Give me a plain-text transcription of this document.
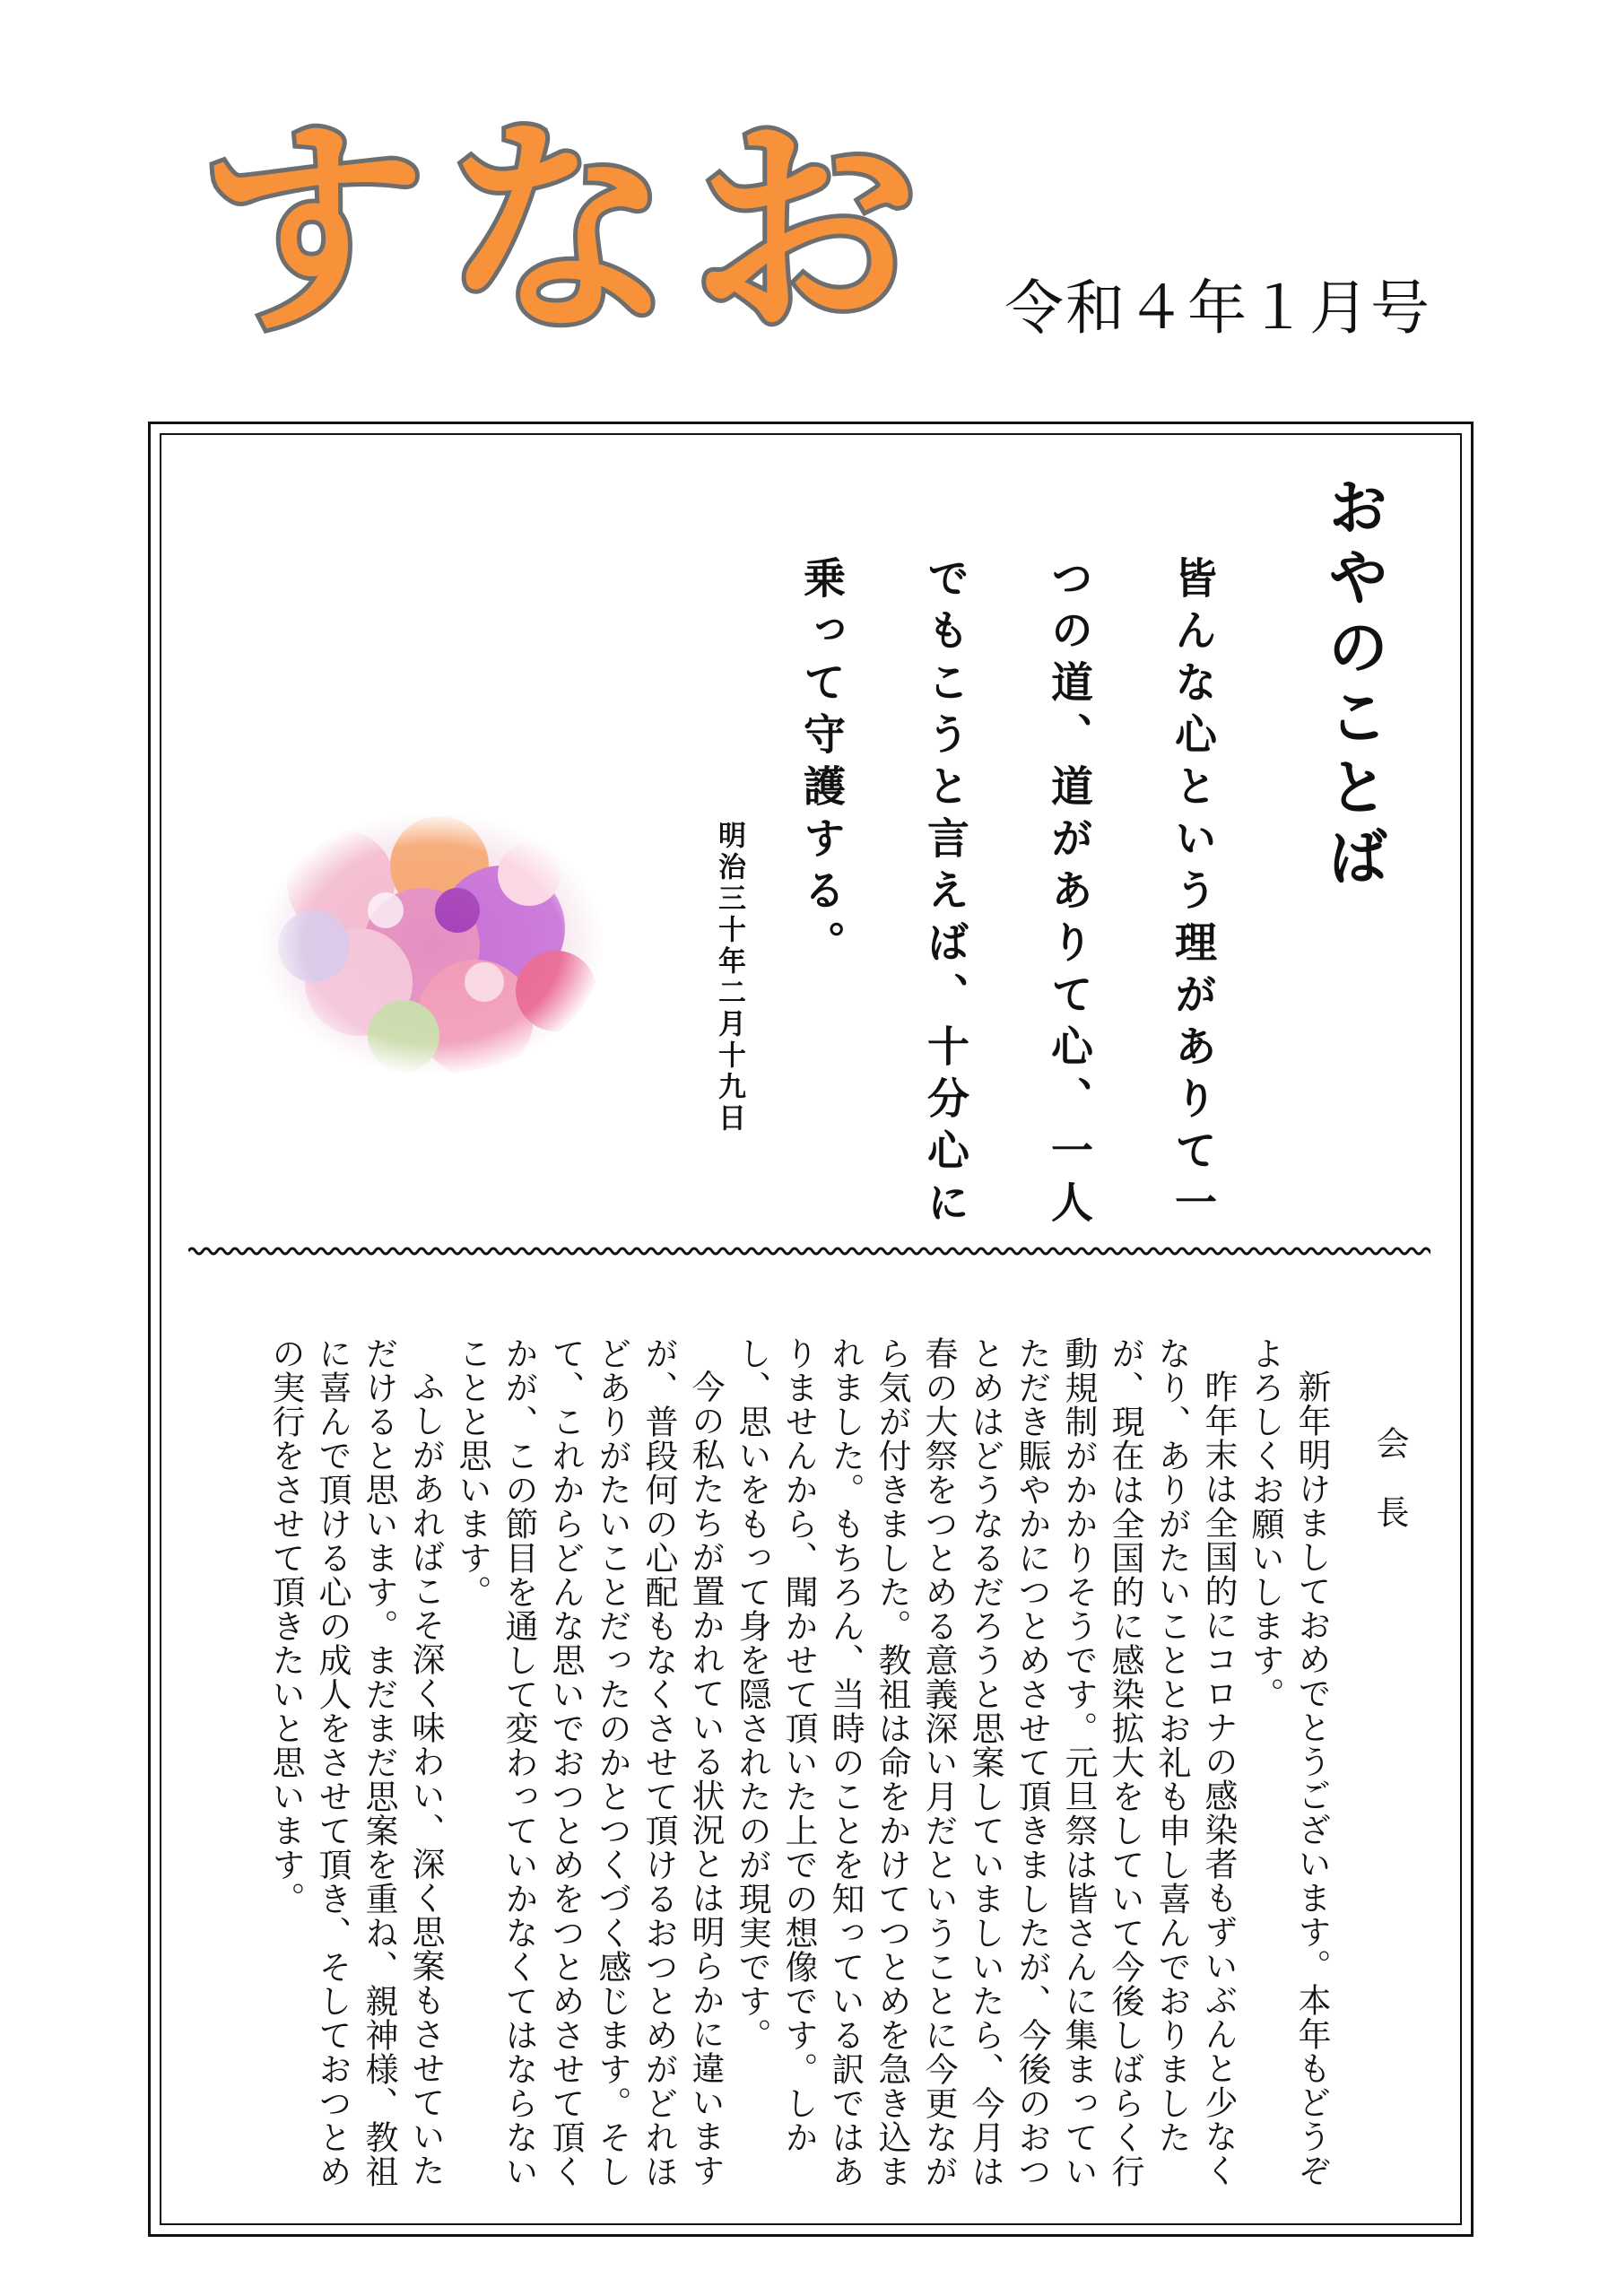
すなお 令和４年１月号
おやのことば
皆んな心という理がありて一
つの道、道がありて心、一人
でもこうと言えば、十分心に
乗って守護する。
明治三十年二月十九日
会長

新年明けましておめでとうございます。本年もどうぞよろしくお願いします。

昨年末は全国的にコロナの感染者もずいぶんと少なくなり、ありがたいこととお礼も申し喜んでおりましたが、現在は全国的に感染拡大をしていて今後しばらく行動規制がかかりそうです。元旦祭は皆さんに集まっていただき賑やかにつとめさせて頂きましたが、今後のおつとめはどうなるだろうと思案していましいたら、今月は春の大祭をつとめる意義深い月だということに今更ながら気が付きました。教祖は命をかけてつとめを急き込まれました。もちろん、当時のことを知っている訳ではありませんから、聞かせて頂いた上での想像です。しかし、思いをもって身を隠されたのが現実です。

今の私たちが置かれている状況とは明らかに違いますが、普段何の心配もなくさせて頂けるおつとめがどれほどありがたいことだったのかとつくづく感じます。そして、これからどんな思いでおつとめをつとめさせて頂くかが、この節目を通して変わっていかなくてはならないことと思います。

ふしがあればこそ深く味わい、深く思案もさせていただけると思います。まだまだ思案を重ね、親神様、教祖に喜んで頂ける心の成人をさせて頂き、そしておつとめの実行をさせて頂きたいと思います。
